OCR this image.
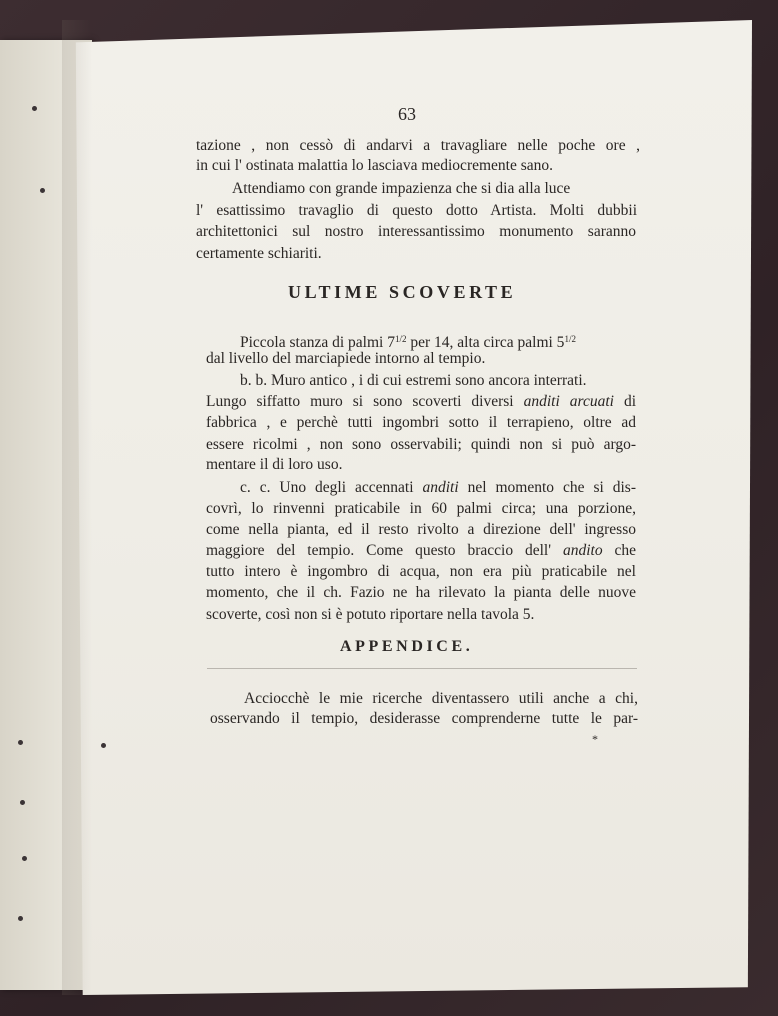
63

tazione , non cessò di andarvi a travagliare nelle poche ore ,

in cui l' ostinata malattia lo lasciava mediocremente sano.

Attendiamo con grande impazienza che si dia alla luce

l' esattissimo travaglio di questo dotto Artista. Molti dubbii

architettonici sul nostro interessantissimo monumento saranno

certamente schiariti.

ULTIME SCOVERTE

Piccola stanza di palmi $7^{1/2}$ per 14, alta circa palmi $5^{1/2}$

dal livello del marciapiede intorno al tempio.

b. b. Muro antico , i di cui estremi sono ancora interrati.

Lungo siffatto muro si sono scoverti diversi anditi arcuati di

fabbrica , e perchè tutti ingombri sotto il terrapieno, oltre ad

essere ricolmi , non sono osservabili; quindi non si può argo-

mentare il di loro uso.

c. c. Uno degli accennati anditi nel momento che si dis-

covrì, lo rinvenni praticabile in 60 palmi circa; una porzione,

come nella pianta, ed il resto rivolto a direzione dell' ingresso

maggiore del tempio. Come questo braccio dell' andito che

tutto intero è ingombro di acqua, non era più praticabile nel

momento, che il ch. Fazio ne ha rilevato la pianta delle nuove

scoverte, così non si è potuto riportare nella tavola 5.

APPENDICE.

Acciocchè le mie ricerche diventassero utili anche a chi,

osservando il tempio, desiderasse comprenderne tutte le par-

*
